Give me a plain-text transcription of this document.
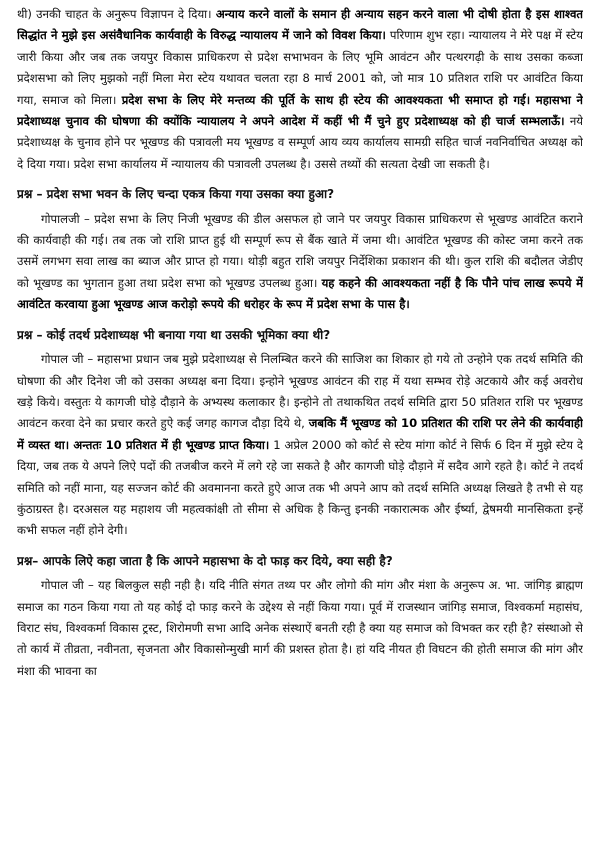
थी) उनकी चाहत के अनुरूप विज्ञापन दे दिया। अन्याय करने वालों के समान ही अन्याय सहन करने वाला भी दोषी होता है इस शाश्वत सिद्धांत ने मुझे इस असंवैधानिक कार्यवाही के विरुद्ध न्यायालय में जाने को विवश किया। परिणाम शुभ रहा। न्यायालय ने मेरे पक्ष में स्टेय जारी किया और जब तक जयपुर विकास प्राधिकरण से प्रदेश सभाभवन के लिए भूमि आवंटन और पत्थरगढ़ी के साथ उसका कब्जा प्रदेशसभा को लिए मुझको नहीं मिला मेरा स्टेय यथावत चलता रहा 8 मार्च 2001 को, जो मात्र 10 प्रतिशत राशि पर आवंटित किया गया, समाज को मिला। प्रदेश सभा के लिए मेरे मन्तव्य की पूर्ति के साथ ही स्टेय की आवश्यकता भी समाप्त हो गई। महासभा ने प्रदेशाध्यक्ष चुनाव की घोषणा की क्योंकि न्यायालय ने अपने आदेश में कहीं भी मैं चुने हुए प्रदेशाध्यक्ष को ही चार्ज सम्भलाऊँ। नये प्रदेशाध्यक्ष के चुनाव होने पर भूखण्ड की पत्रावली मय भूखण्ड व सम्पूर्ण आय व्यय कार्यालय सामग्री सहित चार्ज नवनिर्वाचित अध्यक्ष को दे दिया गया। प्रदेश सभा कार्यालय में न्यायालय की पत्रावली उपलब्ध है। उससे तथ्यों की सत्यता देखी जा सकती है।

प्रश्न – प्रदेश सभा भवन के लिए चन्दा एकत्र किया गया उसका क्या हुआ?

गोपालजी – प्रदेश सभा के लिए निजी भूखण्ड की डील असफल हो जाने पर जयपुर विकास प्राधिकरण से भूखण्ड आवंटित कराने की कार्यवाही की गई। तब तक जो राशि प्राप्त हुई थी सम्पूर्ण रूप से बैंक खाते में जमा थी। आवंटित भूखण्ड की कोस्ट जमा करने तक उसमें लगभग सवा लाख का ब्याज और प्राप्त हो गया। थोड़ी बहुत राशि जयपुर निर्देशिका प्रकाशन की थी। कुल राशि की बदौलत जेडीए को भूखण्ड का भुगतान हुआ तथा प्रदेश सभा को भूखण्ड उपलब्ध हुआ। यह कहने की आवश्यकता नहीं है कि पौने पांच लाख रूपये में आवंटित करवाया हुआ भूखण्ड आज करोड़ो रूपये की धरोहर के रूप में प्रदेश सभा के पास है।

प्रश्न – कोई तदर्थ प्रदेशाध्यक्ष भी बनाया गया था उसकी भूमिका क्या थी?

गोपाल जी – महासभा प्रधान जब मुझे प्रदेशाध्यक्ष से निलम्बित करने की साजिश का शिकार हो गये तो उन्होने एक तदर्थ समिति की घोषणा की और दिनेश जी को उसका अध्यक्ष बना दिया। इन्होने भूखण्ड आवंटन की राह में यथा सम्भव रोड़े अटकाये और कई अवरोध खड़े किये। वस्तुतः ये कागजी घोड़े दौड़ाने के अभ्यस्थ कलाकार है। इन्होने तो तथाकथित तदर्थ समिति द्वारा 50 प्रतिशत राशि पर भूखण्ड आवंटन करवा देने का प्रचार करते हुऐ कई जगह कागज दौड़ा दिये थे, जबकि मैं भूखण्ड को 10 प्रतिशत की राशि पर लेने की कार्यवाही में व्यस्त था। अन्ततः 10 प्रतिशत में ही भूखण्ड प्राप्त किया। 1 अप्रेल 2000 को कोर्ट से स्टेय मांगा कोर्ट ने सिर्फ 6 दिन में मुझे स्टेय दे दिया, जब तक ये अपने लिऐ पदों की तजबीज करने में लगे रहे जा सकते है और कागजी घोड़े दौड़ाने में सदैव आगे रहते है। कोर्ट ने तदर्थ समिति को नहीं माना, यह सज्जन कोर्ट की अवमानना करते हुऐ आज तक भी अपने आप को तदर्थ समिति अध्यक्ष लिखते है तभी से यह कुंठाग्रस्त है। दरअसल यह महाशय जी महत्वकांक्षी तो सीमा से अधिक है किन्तु इनकी नकारात्मक और ईर्ष्या, द्वेषमयी मानसिकता इन्हें कभी सफल नहीं होने देगी।

प्रश्न– आपके लिऐ कहा जाता है कि आपने महासभा के दो फाड़ कर दिये, क्या सही है?

गोपाल जी – यह बिलकुल सही नही है। यदि नीति संगत तथ्य पर और लोगो की मांग और मंशा के अनुरूप अ. भा. जांगिड़ ब्राह्मण समाज का गठन किया गया तो यह कोई दो फाड़ करने के उद्देश्य से नहीं किया गया। पूर्व में राजस्थान जांगिड़ समाज, विश्वकर्मा महासंघ, विराट संघ, विश्वकर्मा विकास ट्रस्ट, शिरोमणी सभा आदि अनेक संस्थाऐं बनती रही है क्या यह समाज को विभक्त कर रही है? संस्थाओ से तो कार्य में तीव्रता, नवीनता, सृजनता और विकासोन्मुखी मार्ग की प्रशस्त होता है। हां यदि नीयत ही विघटन की होती समाज की मांग और मंशा की भावना का
